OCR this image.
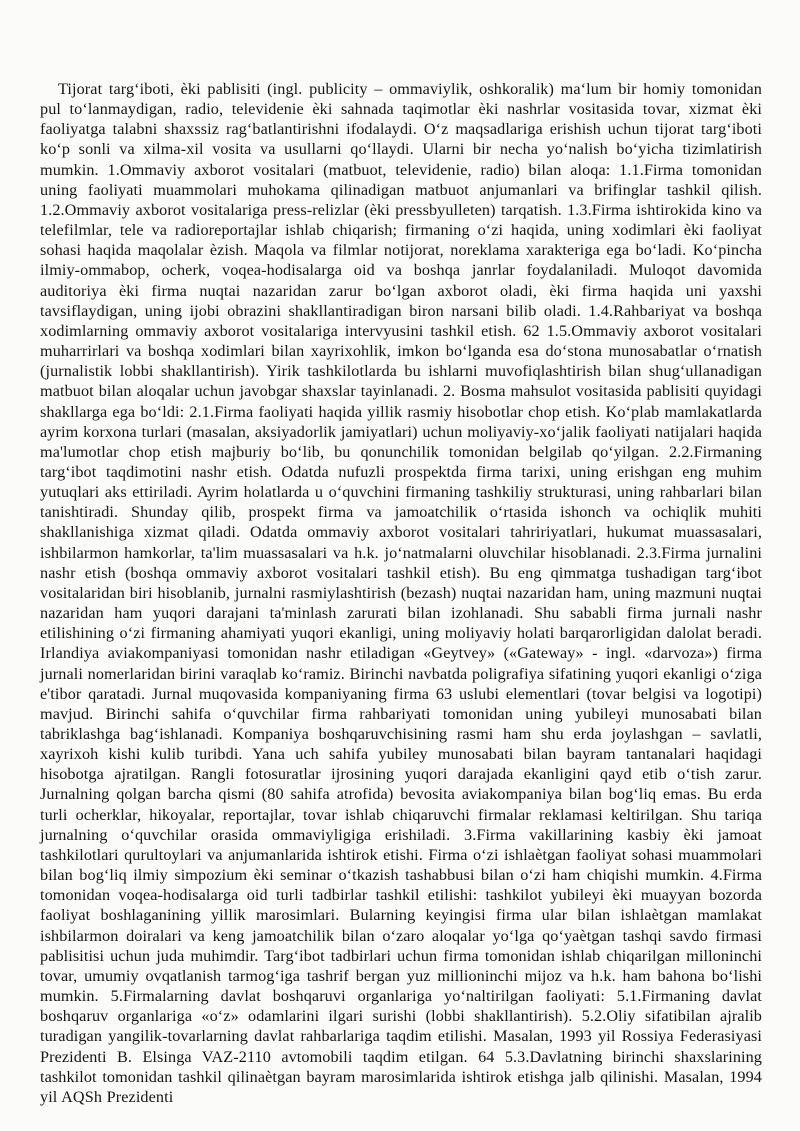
Tijorat targ‘iboti, èki pablisiti (ingl. publicity – ommaviylik, oshkoralik) ma‘lum bir homiy tomonidan pul to‘lanmaydigan, radio, televidenie èki sahnada taqimotlar èki nashrlar vositasida tovar, xizmat èki faoliyatga talabni shaxssiz rag‘batlantirishni ifodalaydi. O‘z maqsadlariga erishish uchun tijorat targ‘iboti ko‘p sonli va xilma-xil vosita va usullarni qo‘llaydi. Ularni bir necha yo‘nalish bo‘yicha tizimlatirish mumkin. 1.Ommaviy axborot vositalari (matbuot, televidenie, radio) bilan aloqa: 1.1.Firma tomonidan uning faoliyati muammolari muhokama qilinadigan matbuot anjumanlari va brifinglar tashkil qilish. 1.2.Ommaviy axborot vositalariga press-relizlar (èki pressbyulleten) tarqatish. 1.3.Firma ishtirokida kino va telefilmlar, tele va radioreportajlar ishlab chiqarish; firmaning o‘zi haqida, uning xodimlari èki faoliyat sohasi haqida maqolalar èzish. Maqola va filmlar notijorat, noreklama xarakteriga ega bo‘ladi. Ko‘pincha ilmiy-ommabop, ocherk, voqea-hodisalarga oid va boshqa janrlar foydalaniladi. Muloqot davomida auditoriya èki firma nuqtai nazaridan zarur bo‘lgan axborot oladi, èki firma haqida uni yaxshi tavsiflaydigan, uning ijobi obrazini shakllantiradigan biron narsani bilib oladi. 1.4.Rahbariyat va boshqa xodimlarning ommaviy axborot vositalariga intervyusini tashkil etish. 62 1.5.Ommaviy axborot vositalari muharrirlari va boshqa xodimlari bilan xayrixohlik, imkon bo‘lganda esa do‘stona munosabatlar o‘rnatish (jurnalistik lobbi shakllantirish). Yirik tashkilotlarda bu ishlarni muvofiqlashtirish bilan shug‘ullanadigan matbuot bilan aloqalar uchun javobgar shaxslar tayinlanadi. 2. Bosma mahsulot vositasida pablisiti quyidagi shakllarga ega bo‘ldi: 2.1.Firma faoliyati haqida yillik rasmiy hisobotlar chop etish. Ko‘plab mamlakatlarda ayrim korxona turlari (masalan, aksiyadorlik jamiyatlari) uchun moliyaviy-xo‘jalik faoliyati natijalari haqida ma'lumotlar chop etish majburiy bo‘lib, bu qonunchilik tomonidan belgilab qo‘yilgan. 2.2.Firmaning targ‘ibot taqdimotini nashr etish. Odatda nufuzli prospektda firma tarixi, uning erishgan eng muhim yutuqlari aks ettiriladi. Ayrim holatlarda u o‘quvchini firmaning tashkiliy strukturasi, uning rahbarlari bilan tanishtiradi. Shunday qilib, prospekt firma va jamoatchilik o‘rtasida ishonch va ochiqlik muhiti shakllanishiga xizmat qiladi. Odatda ommaviy axborot vositalari tahririyatlari, hukumat muassasalari, ishbilarmon hamkorlar, ta'lim muassasalari va h.k. jo‘natmalarni oluvchilar hisoblanadi. 2.3.Firma jurnalini nashr etish (boshqa ommaviy axborot vositalari tashkil etish). Bu eng qimmatga tushadigan targ‘ibot vositalaridan biri hisoblanib, jurnalni rasmiylashtirish (bezash) nuqtai nazaridan ham, uning mazmuni nuqtai nazaridan ham yuqori darajani ta'minlash zarurati bilan izohlanadi. Shu sababli firma jurnali nashr etilishining o‘zi firmaning ahamiyati yuqori ekanligi, uning moliyaviy holati barqarorligidan dalolat beradi. Irlandiya aviakompaniyasi tomonidan nashr etiladigan «Geytvey» («Gateway» - ingl. «darvoza») firma jurnali nomerlaridan birini varaqlab ko‘ramiz. Birinchi navbatda poligrafiya sifatining yuqori ekanligi o‘ziga e'tibor qaratadi. Jurnal muqovasida kompaniyaning firma 63 uslubi elementlari (tovar belgisi va logotipi) mavjud. Birinchi sahifa o‘quvchilar firma rahbariyati tomonidan uning yubileyi munosabati bilan tabriklashga bag‘ishlanadi. Kompaniya boshqaruvchisining rasmi ham shu erda joylashgan – savlatli, xayrixoh kishi kulib turibdi. Yana uch sahifa yubiley munosabati bilan bayram tantanalari haqidagi hisobotga ajratilgan. Rangli fotosuratlar ijrosining yuqori darajada ekanligini qayd etib o‘tish zarur. Jurnalning qolgan barcha qismi (80 sahifa atrofida) bevosita aviakompaniya bilan bog‘liq emas. Bu erda turli ocherklar, hikoyalar, reportajlar, tovar ishlab chiqaruvchi firmalar reklamasi keltirilgan. Shu tariqa jurnalning o‘quvchilar orasida ommaviyligiga erishiladi. 3.Firma vakillarining kasbiy èki jamoat tashkilotlari qurultoylari va anjumanlarida ishtirok etishi. Firma o‘zi ishlaètgan faoliyat sohasi muammolari bilan bog‘liq ilmiy simpozium èki seminar o‘tkazish tashabbusi bilan o‘zi ham chiqishi mumkin. 4.Firma tomonidan voqea-hodisalarga oid turli tadbirlar tashkil etilishi: tashkilot yubileyi èki muayyan bozorda faoliyat boshlaganining yillik marosimlari. Bularning keyingisi firma ular bilan ishlaètgan mamlakat ishbilarmon doiralari va keng jamoatchilik bilan o‘zaro aloqalar yo‘lga qo‘yaètgan tashqi savdo firmasi pablisitisi uchun juda muhimdir. Targ‘ibot tadbirlari uchun firma tomonidan ishlab chiqarilgan milloninchi tovar, umumiy ovqatlanish tarmog‘iga tashrif bergan yuz millioninchi mijoz va h.k. ham bahona bo‘lishi mumkin. 5.Firmalarning davlat boshqaruvi organlariga yo‘naltirilgan faoliyati: 5.1.Firmaning davlat boshqaruv organlariga «o‘z» odamlarini ilgari surishi (lobbi shakllantirish). 5.2.Oliy sifatibilan ajralib turadigan yangilik-tovarlarning davlat rahbarlariga taqdim etilishi. Masalan, 1993 yil Rossiya Federasiyasi Prezidenti B. Elsinga VAZ-2110 avtomobili taqdim etilgan. 64 5.3.Davlatning birinchi shaxslarining tashkilot tomonidan tashkil qilinaètgan bayram marosimlarida ishtirok etishga jalb qilinishi. Masalan, 1994 yil AQSh Prezidenti
